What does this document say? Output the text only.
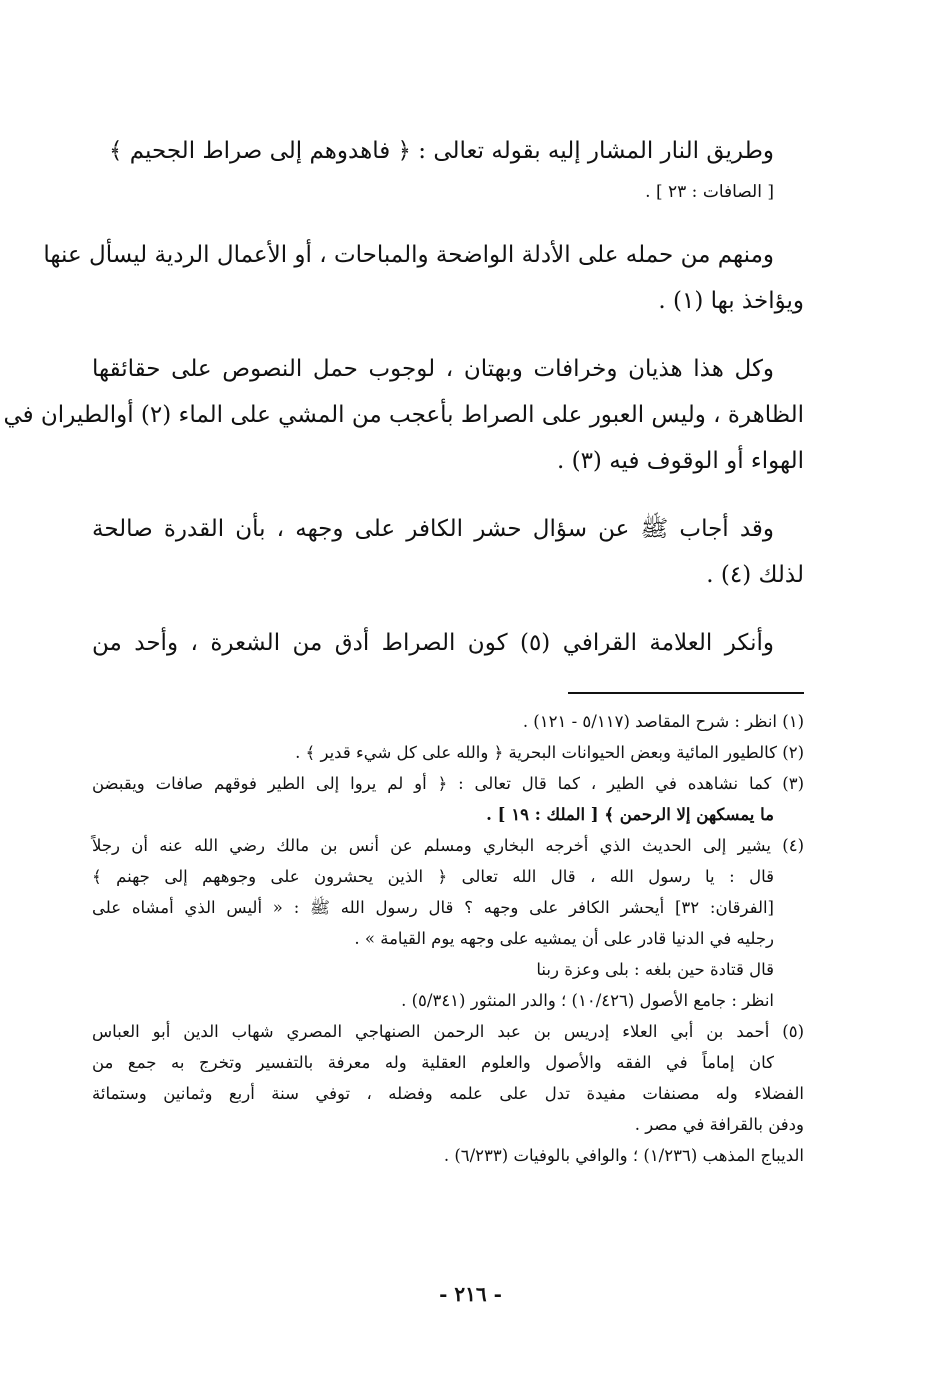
وطريق النار المشار إليه بقوله تعالى : ﴿ فاهدوهم إلى صراط الجحيم ﴾
[ الصافات : ٢٣ ] .
ومنهم من حمله على الأدلة الواضحة والمباحات ، أو الأعمال الردية ليسأل عنها
ويؤاخذ بها (١) .
وكل هذا هذيان وخرافات وبهتان ، لوجوب حمل النصوص على حقائقها
الظاهرة ، وليس العبور على الصراط بأعجب من المشي على الماء (٢) أوالطيران في
الهواء أو الوقوف فيه (٣) .
وقد أجاب ﷺ عن سؤال حشر الكافر على وجهه ، بأن القدرة صالحة
لذلك (٤) .
وأنكر العلامة القرافي (٥) كون الصراط أدق من الشعرة ، وأحد من
(١) انظر : شرح المقاصد (٥/١١٧ - ١٢١) .
(٢) كالطيور المائية وبعض الحيوانات البحرية ﴿ والله على كل شيء قدير ﴾ .
(٣) كما نشاهده في الطير ، كما قال تعالى : ﴿ أو لم يروا إلى الطير فوقهم صافات ويقبضن
ما يمسكهن إلا الرحمن ﴾ [ الملك : ١٩ ] .
(٤) يشير إلى الحديث الذي أخرجه البخاري ومسلم عن أنس بن مالك رضي الله عنه أن رجلاً
قال : يا رسول الله ، قال الله تعالى ﴿ الذين يحشرون على وجوههم إلى جهنم ﴾
[الفرقان: ٣٢] أيحشر الكافر على وجهه ؟ قال رسول الله ﷺ : « أليس الذي أمشاه على
رجليه في الدنيا قادر على أن يمشيه على وجهه يوم القيامة » .
قال قتادة حين بلغه : بلى وعزة ربنا
انظر : جامع الأصول (١٠/٤٢٦) ؛ والدر المنثور (٥/٣٤١) .
(٥) أحمد بن أبي العلاء إدريس بن عبد الرحمن الصنهاجي المصري شهاب الدين أبو العباس
كان إماماً في الفقه والأصول والعلوم العقلية وله معرفة بالتفسير وتخرج به جمع من
الفضلاء وله مصنفات مفيدة تدل على علمه وفضله ، توفي سنة أربع وثمانين وستمائة
ودفن بالقرافة في مصر .
الديباج المذهب (١/٢٣٦) ؛ والوافي بالوفيات (٦/٢٣٣) .
- ٢١٦ -
